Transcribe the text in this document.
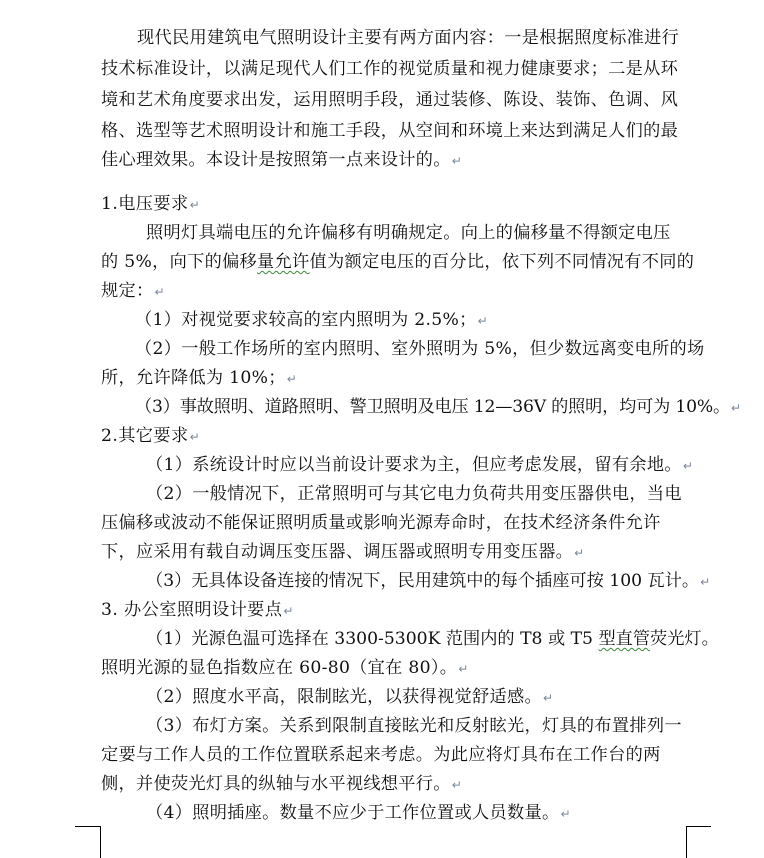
现代民用建筑电气照明设计主要有两方面内容：一是根据照度标准进行
技术标准设计，以满足现代人们工作的视觉质量和视力健康要求；二是从环
境和艺术角度要求出发，运用照明手段，通过装修、陈设、装饰、色调、风
格、选型等艺术照明设计和施工手段，从空间和环境上来达到满足人们的最
佳心理效果。本设计是按照第一点来设计的。↵
1.电压要求↵
照明灯具端电压的允许偏移有明确规定。向上的偏移量不得额定电压
的 5%，向下的偏移量允许值为额定电压的百分比，依下列不同情况有不同的
规定：↵
（1）对视觉要求较高的室内照明为 2.5%；↵
（2）一般工作场所的室内照明、室外照明为 5%，但少数远离变电所的场
所，允许降低为 10%；↵
（3）事故照明、道路照明、警卫照明及电压 12—36V 的照明，均可为 10%。↵
2.其它要求↵
（1）系统设计时应以当前设计要求为主，但应考虑发展，留有余地。↵
（2）一般情况下，正常照明可与其它电力负荷共用变压器供电，当电
压偏移或波动不能保证照明质量或影响光源寿命时，在技术经济条件允许
下，应采用有载自动调压变压器、调压器或照明专用变压器。↵
（3）无具体设备连接的情况下，民用建筑中的每个插座可按 100 瓦计。↵
3. 办公室照明设计要点↵
（1）光源色温可选择在 3300-5300K 范围内的 T8 或 T5 型直管荧光灯。
照明光源的显色指数应在 60-80（宜在 80）。↵
（2）照度水平高，限制眩光，以获得视觉舒适感。↵
（3）布灯方案。关系到限制直接眩光和反射眩光，灯具的布置排列一
定要与工作人员的工作位置联系起来考虑。为此应将灯具布在工作台的两
侧，并使荧光灯具的纵轴与水平视线想平行。↵
（4）照明插座。数量不应少于工作位置或人员数量。↵
